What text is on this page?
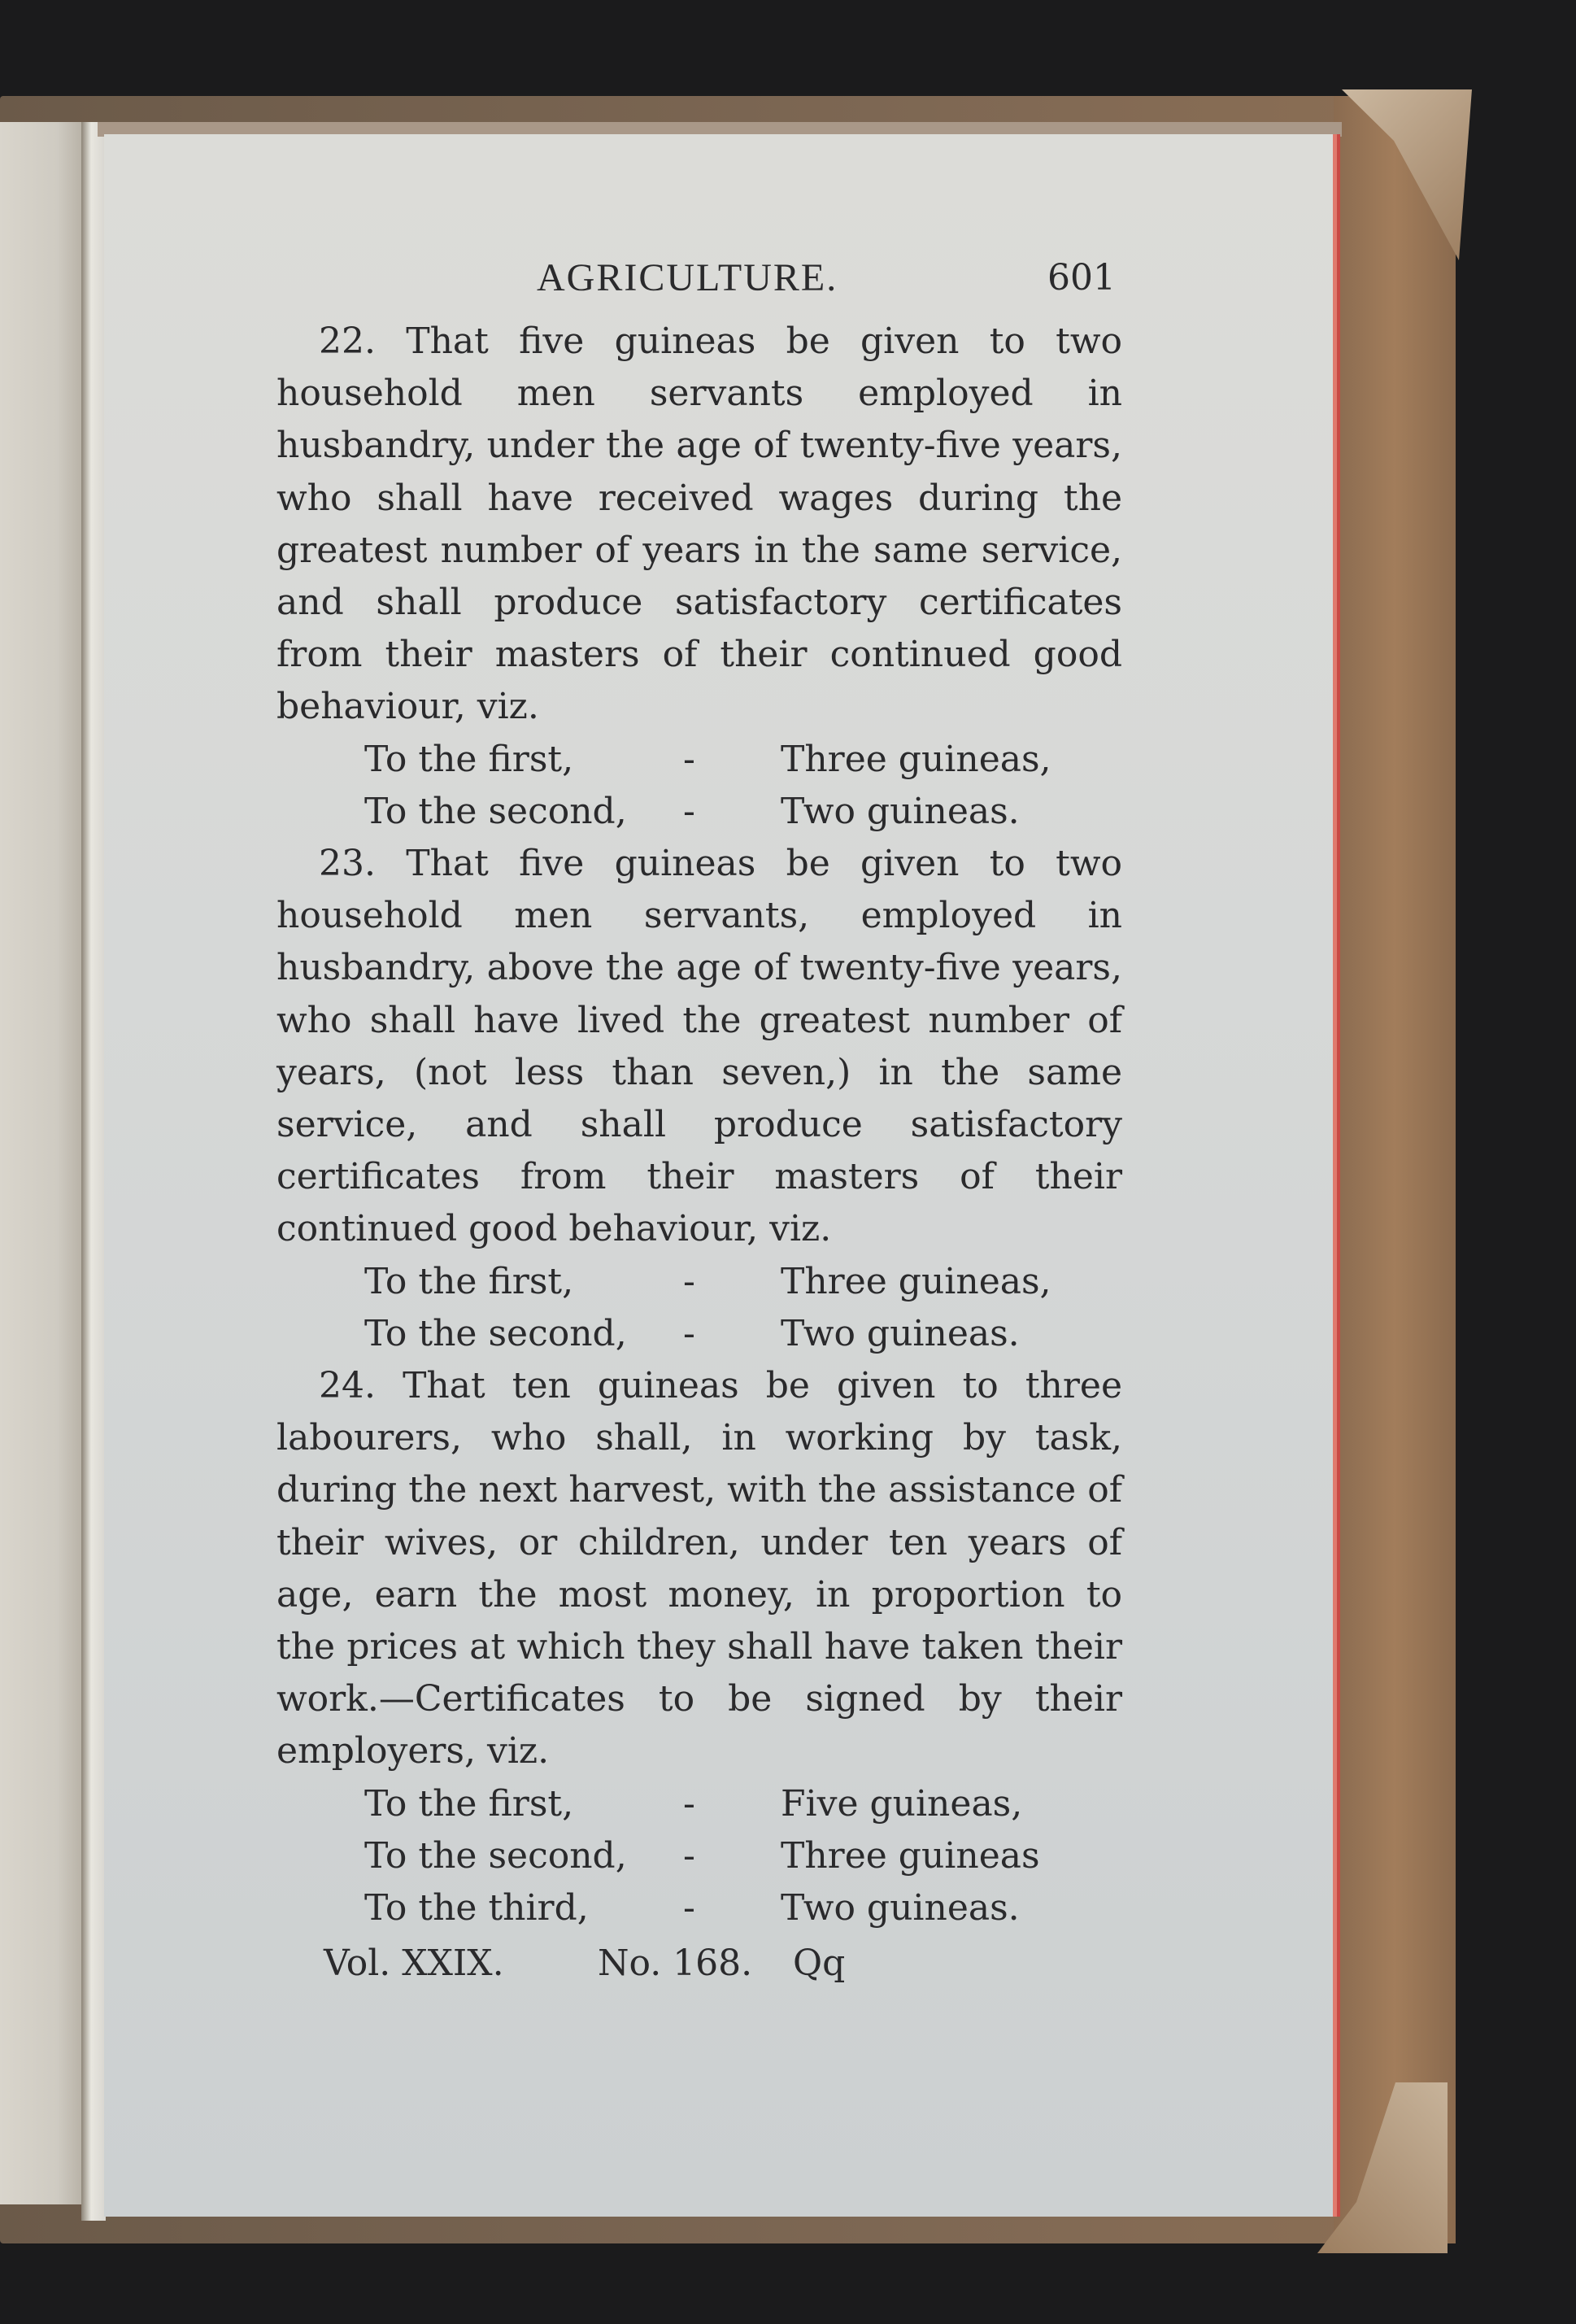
AGRICULTURE.	601

22. That five guineas be given to two household men servants employed in husbandry, under the age of twenty-five years, who shall have received wages during the greatest number of years in the same service, and shall produce satisfactory certificates from their masters of their continued good behaviour, viz.

To the first,	- Three guineas,
To the second, - Two guineas.

23. That five guineas be given to two household men servants, employed in husbandry, above the age of twenty-five years, who shall have lived the greatest number of years, (not less than seven,) in the same service, and shall produce satisfactory certificates from their masters of their continued good behaviour, viz.

To the first,	- Three guineas,
To the second, - Two guineas.

24. That ten guineas be given to three labourers, who shall, in working by task, during the next harvest, with the assistance of their wives, or children, under ten years of age, earn the most money, in proportion to the prices at which they shall have taken their work.—Certificates to be signed by their employers, viz.

To the first,	- Five guineas,
To the second, - Three guineas
To the third,	- Two guineas.
Vol. XXIX.	No. 168. Qq
